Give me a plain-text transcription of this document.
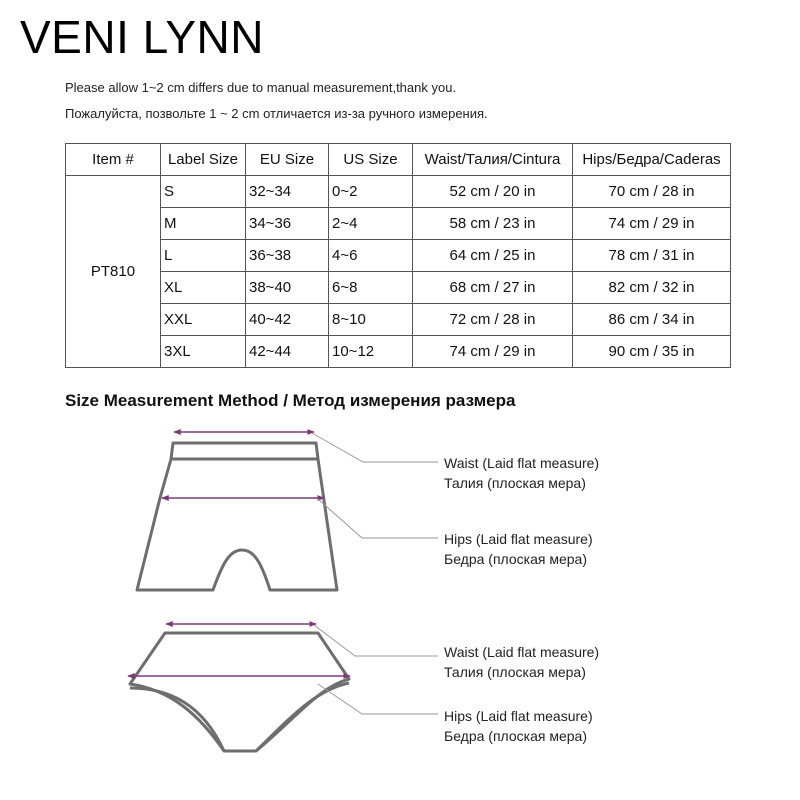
VENI LYNN
Please allow 1~2 cm differs due to manual measurement,thank you.
Пожалуйста, позвольте 1 ~ 2 cm отличается из-за ручного измерения.
Item #	Label Size	EU Size	US Size	Waist/Талия/Cintura	Hips/Бедра/Caderas
PT810	S	32~34	0~2	52 cm / 20 in	70 cm / 28 in
	M	34~36	2~4	58 cm / 23 in	74 cm / 29 in
	L	36~38	4~6	64 cm / 25 in	78 cm / 31 in
	XL	38~40	6~8	68 cm / 27 in	82 cm / 32 in
	XXL	40~42	8~10	72 cm / 28 in	86 cm / 34 in
	3XL	42~44	10~12	74 cm / 29 in	90 cm / 35 in
Size Measurement Method / Метод измерения размера
Waist (Laid flat measure)
Талия (плоская мера)
Hips (Laid flat measure)
Бедра (плоская мера)
Waist (Laid flat measure)
Талия (плоская мера)
Hips (Laid flat measure)
Бедра (плоская мера)
